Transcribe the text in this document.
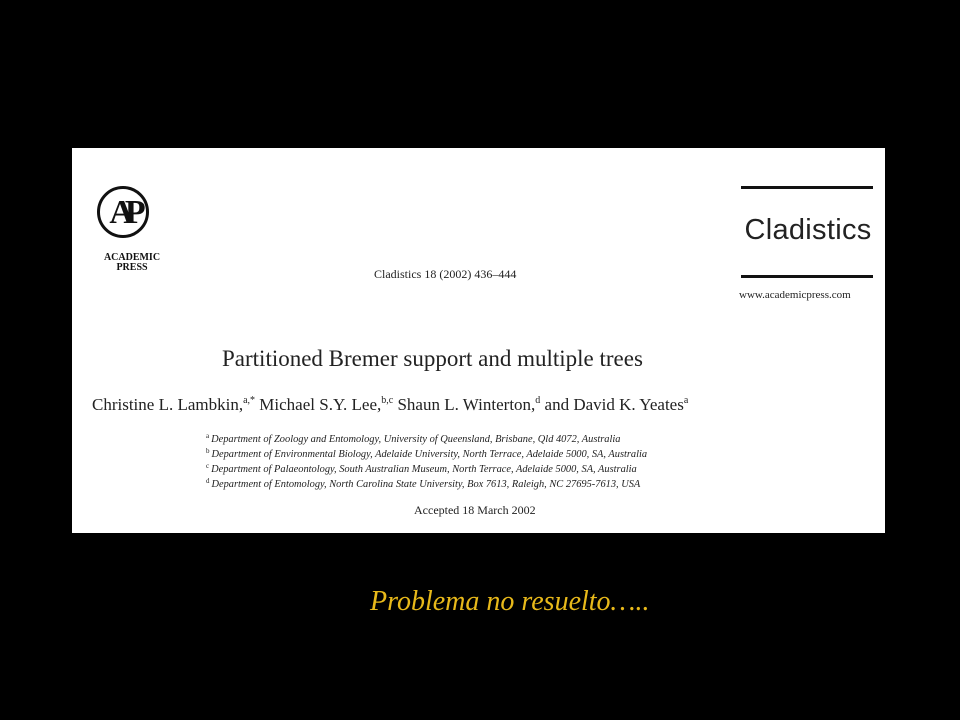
AP
ACADEMIC
PRESS
Cladistics
www.academicpress.com
Cladistics 18 (2002) 436–444
Partitioned Bremer support and multiple trees
Christine L. Lambkin,$^{a,*}$ Michael S.Y. Lee,$^{b,c}$ Shaun L. Winterton,$^d$ and David K. Yeates$^a$
$^a$ Department of Zoology and Entomology, University of Queensland, Brisbane, Qld 4072, Australia
$^b$ Department of Environmental Biology, Adelaide University, North Terrace, Adelaide 5000, SA, Australia
$^c$ Department of Palaeontology, South Australian Museum, North Terrace, Adelaide 5000, SA, Australia
$^d$ Department of Entomology, North Carolina State University, Box 7613, Raleigh, NC 27695-7613, USA
Accepted 18 March 2002
Problema no resuelto…..
